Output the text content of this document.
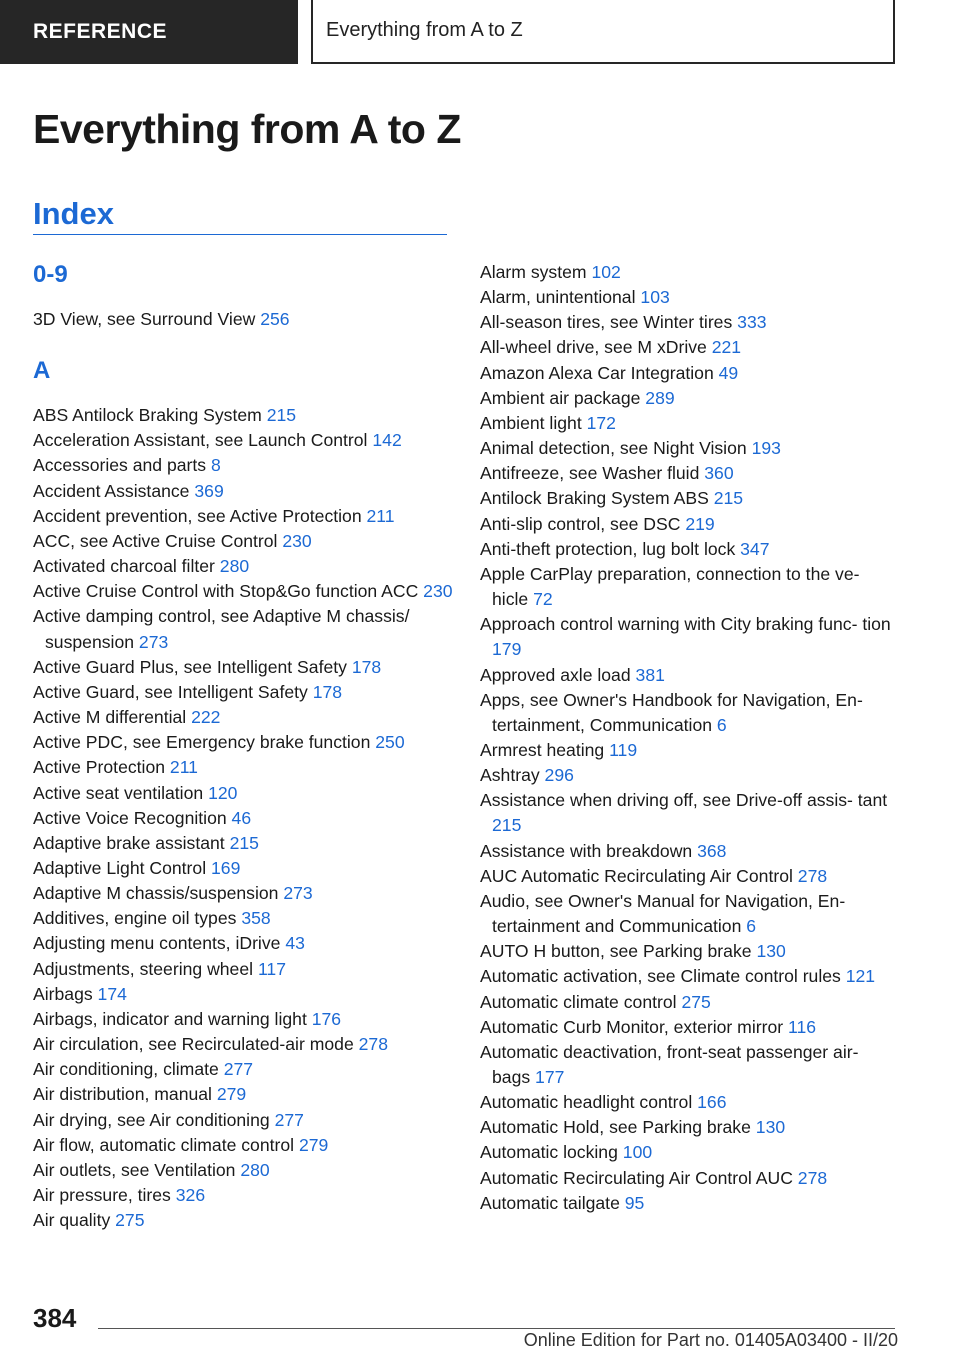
REFERENCE	Everything from A to Z
Everything from A to Z
Index
0-9
3D View, see Surround View 256
A
ABS Antilock Braking System 215
Acceleration Assistant, see Launch Control 142
Accessories and parts 8
Accident Assistance 369
Accident prevention, see Active Protection 211
ACC, see Active Cruise Control 230
Activated charcoal filter 280
Active Cruise Control with Stop&Go function ACC 230
Active damping control, see Adaptive M chassis/ suspension 273
Active Guard Plus, see Intelligent Safety 178
Active Guard, see Intelligent Safety 178
Active M differential 222
Active PDC, see Emergency brake function 250
Active Protection 211
Active seat ventilation 120
Active Voice Recognition 46
Adaptive brake assistant 215
Adaptive Light Control 169
Adaptive M chassis/suspension 273
Additives, engine oil types 358
Adjusting menu contents, iDrive 43
Adjustments, steering wheel 117
Airbags 174
Airbags, indicator and warning light 176
Air circulation, see Recirculated-air mode 278
Air conditioning, climate 277
Air distribution, manual 279
Air drying, see Air conditioning 277
Air flow, automatic climate control 279
Air outlets, see Ventilation 280
Air pressure, tires 326
Air quality 275
Alarm system 102
Alarm, unintentional 103
All-season tires, see Winter tires 333
All-wheel drive, see M xDrive 221
Amazon Alexa Car Integration 49
Ambient air package 289
Ambient light 172
Animal detection, see Night Vision 193
Antifreeze, see Washer fluid 360
Antilock Braking System ABS 215
Anti-slip control, see DSC 219
Anti-theft protection, lug bolt lock 347
Apple CarPlay preparation, connection to the ve‐ hicle 72
Approach control warning with City braking func‐ tion 179
Approved axle load 381
Apps, see Owner's Handbook for Navigation, En‐ tertainment, Communication 6
Armrest heating 119
Ashtray 296
Assistance when driving off, see Drive-off assis‐ tant 215
Assistance with breakdown 368
AUC Automatic Recirculating Air Control 278
Audio, see Owner's Manual for Navigation, En‐ tertainment and Communication 6
AUTO H button, see Parking brake 130
Automatic activation, see Climate control rules 121
Automatic climate control 275
Automatic Curb Monitor, exterior mirror 116
Automatic deactivation, front-seat passenger air‐ bags 177
Automatic headlight control 166
Automatic Hold, see Parking brake 130
Automatic locking 100
Automatic Recirculating Air Control AUC 278
Automatic tailgate 95
384
Online Edition for Part no. 01405A03400 - II/20
